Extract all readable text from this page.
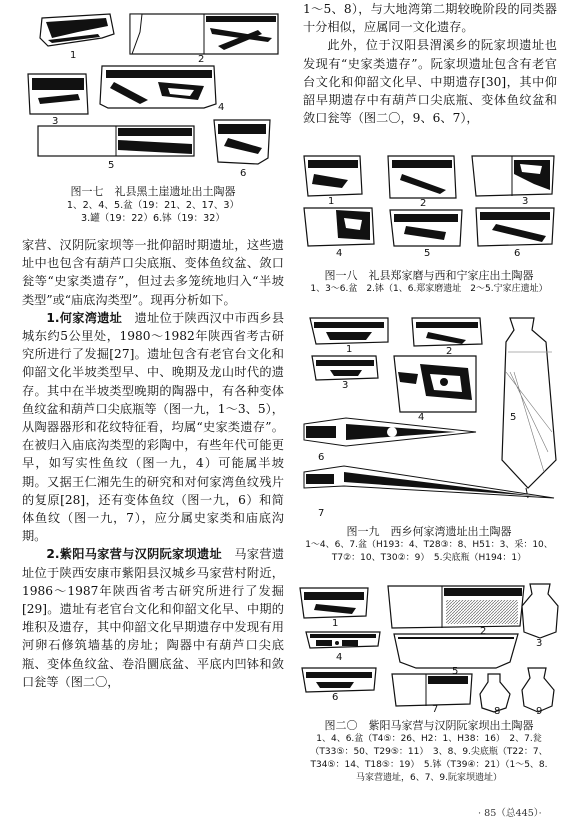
1	2
3
4
5
6
图一七　礼县黑土崖遗址出土陶器
1、2、4、5.盆（19：21、2、17、3）
3.罐（19：22）6.钵（19：32）

家营、汉阴阮家坝等一批仰韶时期遗址，这些遗址中也包含有葫芦口尖底瓶、变体鱼纹盆、敛口瓮等“史家类遗存”，但过去多笼统地归入“半坡类型”或“庙底沟类型”。现再分析如下。

1.何家湾遗址　 遗址位于陕西汉中市西乡县城东约5公里处，1980～1982年陕西省考古研究所进行了发掘[27]。遗址包含有老官台文化和仰韶文化半坡类型早、中、晚期及龙山时代的遗存。其中在半坡类型晚期的陶器中，有各种变体鱼纹盆和葫芦口尖底瓶等（图一九，1～3、5），从陶器器形和花纹特征看，均属“史家类遗存”。在被归入庙底沟类型的彩陶中，有些年代可能更早，如写实性鱼纹（图一九，4）可能属半坡期。又据王仁湘先生的研究和对何家湾鱼纹残片的复原[28]，还有变体鱼纹（图一九，6）和简体鱼纹（图一九，7），应分属史家类和庙底沟期。

2.紫阳马家营与汉阴阮家坝遗址　 马家营遗址位于陕西安康市紫阳县汉城乡马家营村附近，1986～1987年陕西省考古研究所进行了发掘[29]。遗址有老官台文化和仰韶文化早、中期的堆积及遗存，其中仰韶文化早期遗存中发现有用河卵石修筑墙基的房址；陶器中有葫芦口尖底瓶、变体鱼纹盆、卷沿圜底盆、平底内凹钵和敛口瓮等（图二〇，

1～5、8），与大地湾第二期较晚阶段的同类器十分相似，应属同一文化遗存。

此外，位于汉阳县渭溪乡的阮家坝遗址也发现有“史家类遗存”。阮家坝遗址包含有老官台文化和仰韶文化早、中期遗存[30]，其中仰韶早期遗存中有葫芦口尖底瓶、变体鱼纹盆和敛口瓮等（图二〇，9、6、7），

1	2	3
4	5	6
图一八　礼县郑家磨与西和宁家庄出土陶器
1、3～6.盆　2.钵（1、6.郑家磨遗址　2～5.宁家庄遗址）
1	2
3
4	5
6
7
图一九　西乡何家湾遗址出土陶器
1～4、6、7.盆（H193：4、T28③：8、H51：3、采：10、
T7②：10、T30②：9）　5.尖底瓶（H194：1）
1
2
3
4
5
6
7	8	9
图二〇　紫阳马家营与汉阴阮家坝出土陶器
1、4、6.盆（T4⑤：26、H2：1、H38：16）　2、7.瓮
（T33⑤：50、T29⑤：11）　3、8、9.尖底瓶（T22：7、
T34⑤：14、T18⑤：19）　5.钵（T39④：21）（1～5、8.
马家营遗址，6、7、9.阮家坝遗址）
· 85（总445）·
